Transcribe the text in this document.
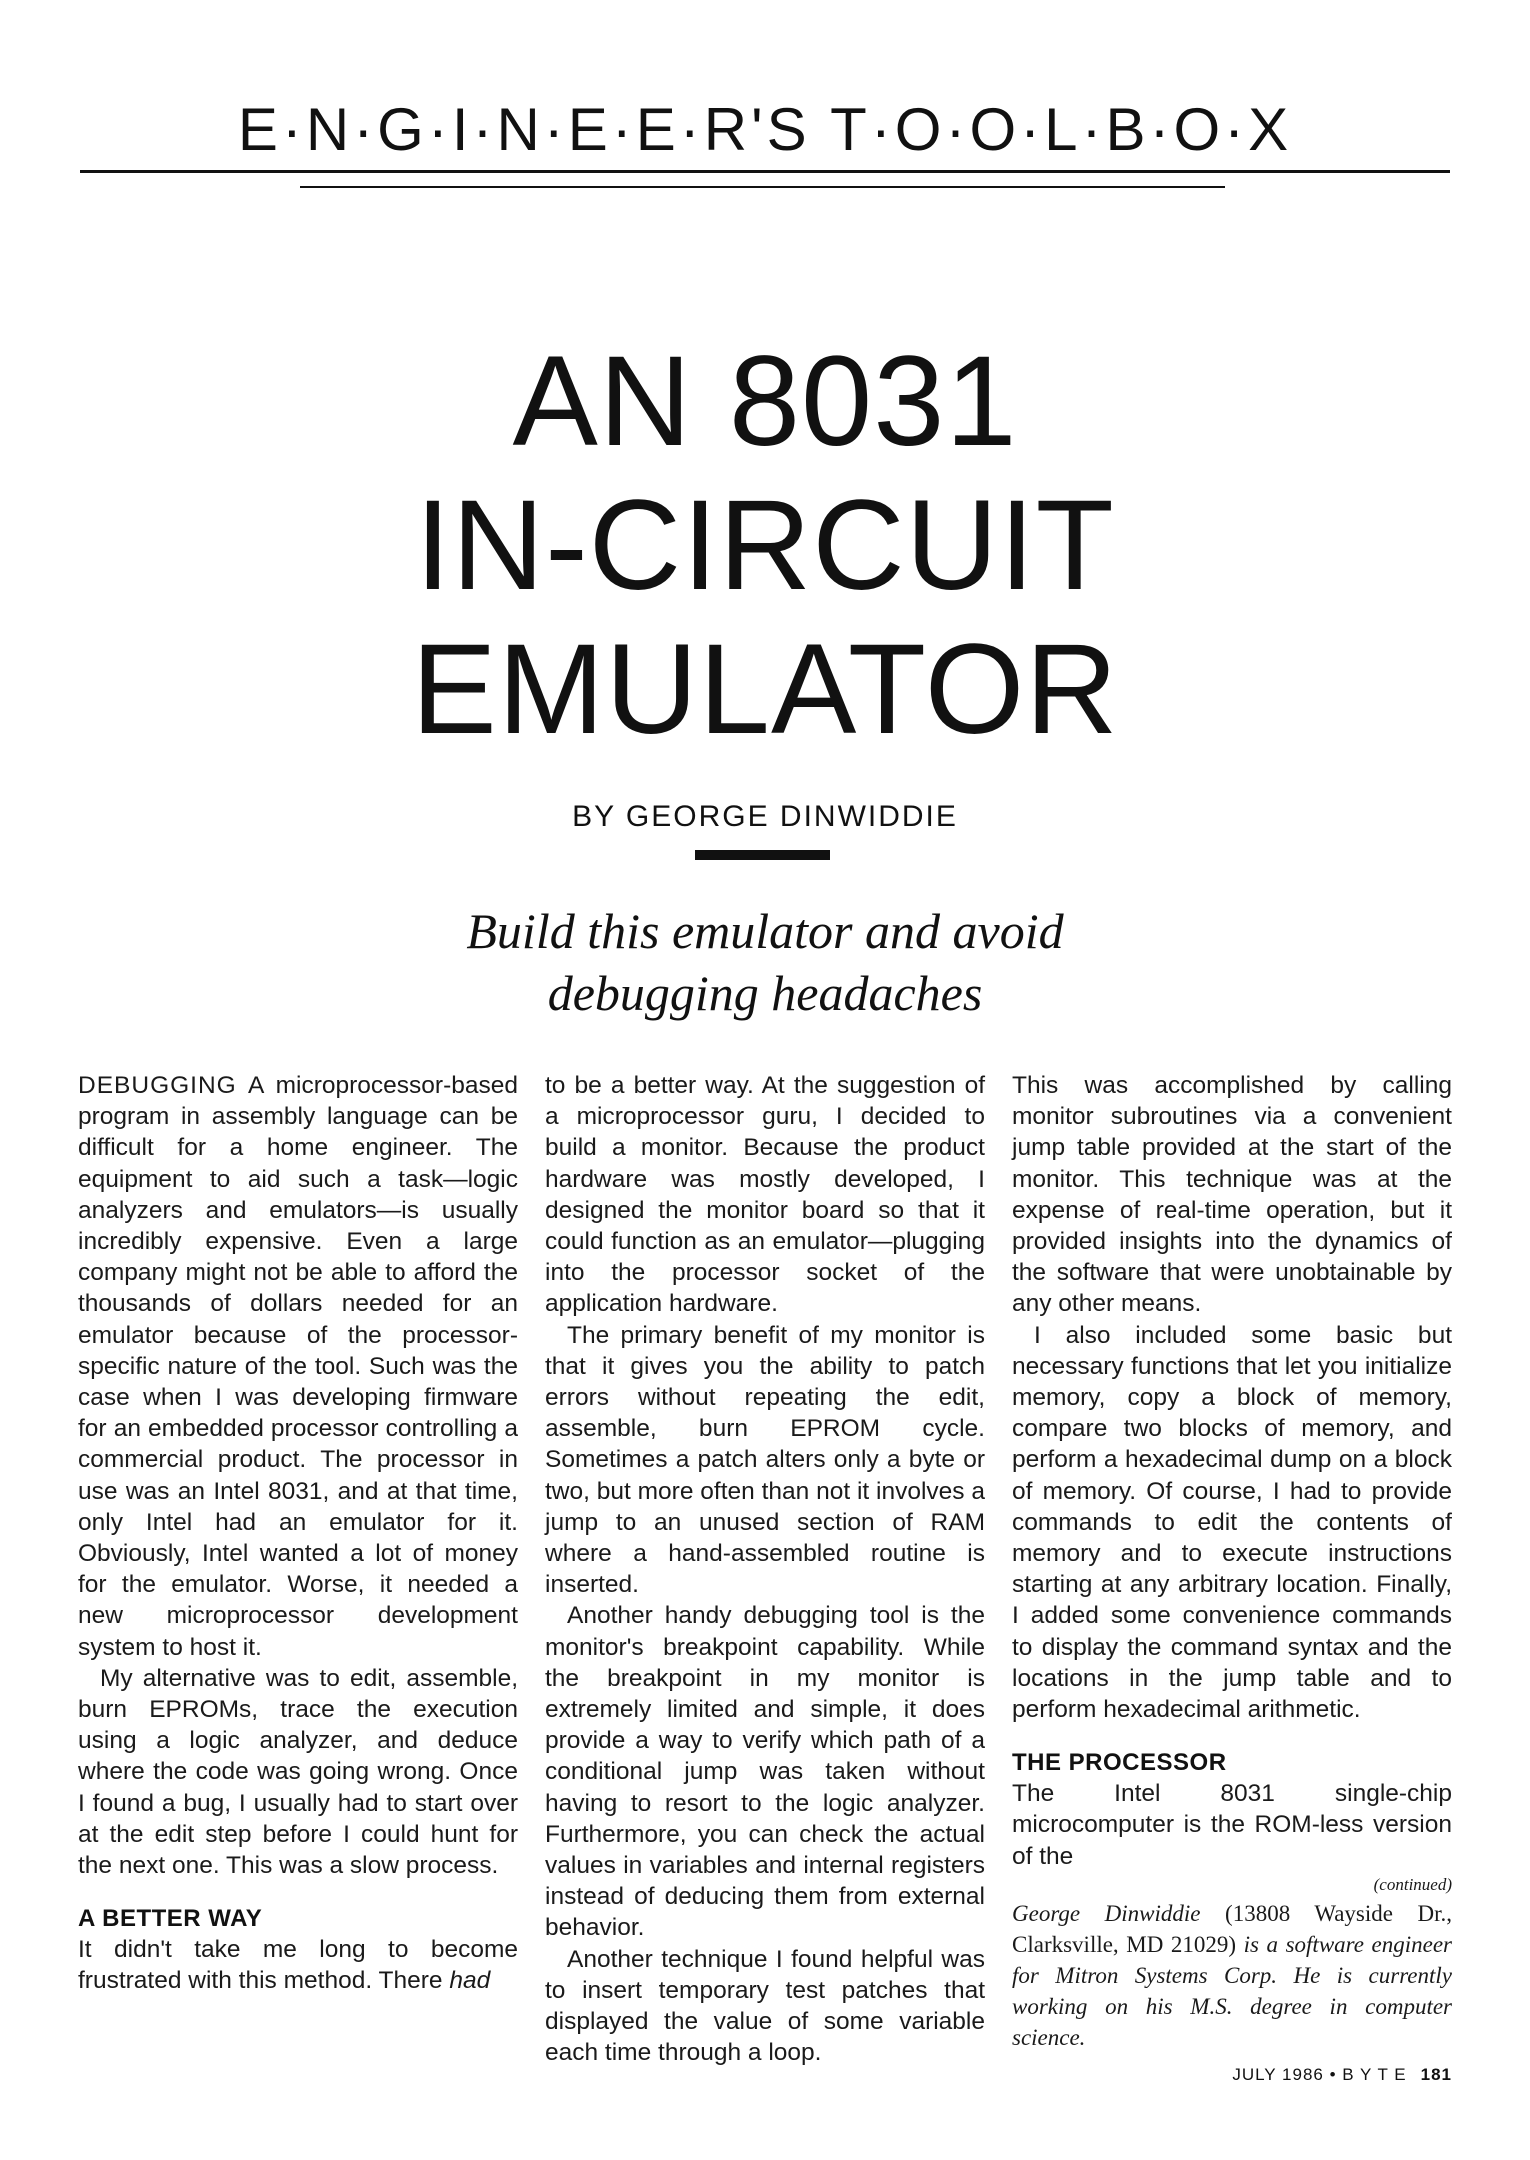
E·N·G·I·N·E·E·R'S T·O·O·L·B·O·X
AN 8031
IN-CIRCUIT
EMULATOR
BY GEORGE DINWIDDIE
Build this emulator and avoid
debugging headaches

DEBUGGING A microprocessor-based program in assembly language can be difficult for a home engineer. The equipment to aid such a task—logic analyzers and emulators—is usually incredibly expensive. Even a large company might not be able to afford the thousands of dollars needed for an emulator because of the processor-specific nature of the tool. Such was the case when I was developing firmware for an embedded processor controlling a commercial product. The processor in use was an Intel 8031, and at that time, only Intel had an emulator for it. Obviously, Intel wanted a lot of money for the emulator. Worse, it needed a new microprocessor development system to host it.

My alternative was to edit, assemble, burn EPROMs, trace the execution using a logic analyzer, and deduce where the code was going wrong. Once I found a bug, I usually had to start over at the edit step before I could hunt for the next one. This was a slow process.

A BETTER WAY

It didn't take me long to become frustrated with this method. There had

to be a better way. At the suggestion of a microprocessor guru, I decided to build a monitor. Because the product hardware was mostly developed, I designed the monitor board so that it could function as an emulator—plugging into the processor socket of the application hardware.

The primary benefit of my monitor is that it gives you the ability to patch errors without repeating the edit, assemble, burn EPROM cycle. Sometimes a patch alters only a byte or two, but more often than not it involves a jump to an unused section of RAM where a hand-assembled routine is inserted.

Another handy debugging tool is the monitor's breakpoint capability. While the breakpoint in my monitor is extremely limited and simple, it does provide a way to verify which path of a conditional jump was taken without having to resort to the logic analyzer. Furthermore, you can check the actual values in variables and internal registers instead of deducing them from external behavior.

Another technique I found helpful was to insert temporary test patches that displayed the value of some variable each time through a loop.

This was accomplished by calling monitor subroutines via a convenient jump table provided at the start of the monitor. This technique was at the expense of real-time operation, but it provided insights into the dynamics of the software that were unobtainable by any other means.

I also included some basic but necessary functions that let you initialize memory, copy a block of memory, compare two blocks of memory, and perform a hexadecimal dump on a block of memory. Of course, I had to provide commands to edit the contents of memory and to execute instructions starting at any arbitrary location. Finally, I added some convenience commands to display the command syntax and the locations in the jump table and to perform hexadecimal arithmetic.

THE PROCESSOR

The Intel 8031 single-chip microcomputer is the ROM-less version of the

(continued)
George Dinwiddie (13808 Wayside Dr., Clarksville, MD 21029) is a software engineer for Mitron Systems Corp. He is currently working on his M.S. degree in computer science.
JULY 1986 • B Y T E 181
